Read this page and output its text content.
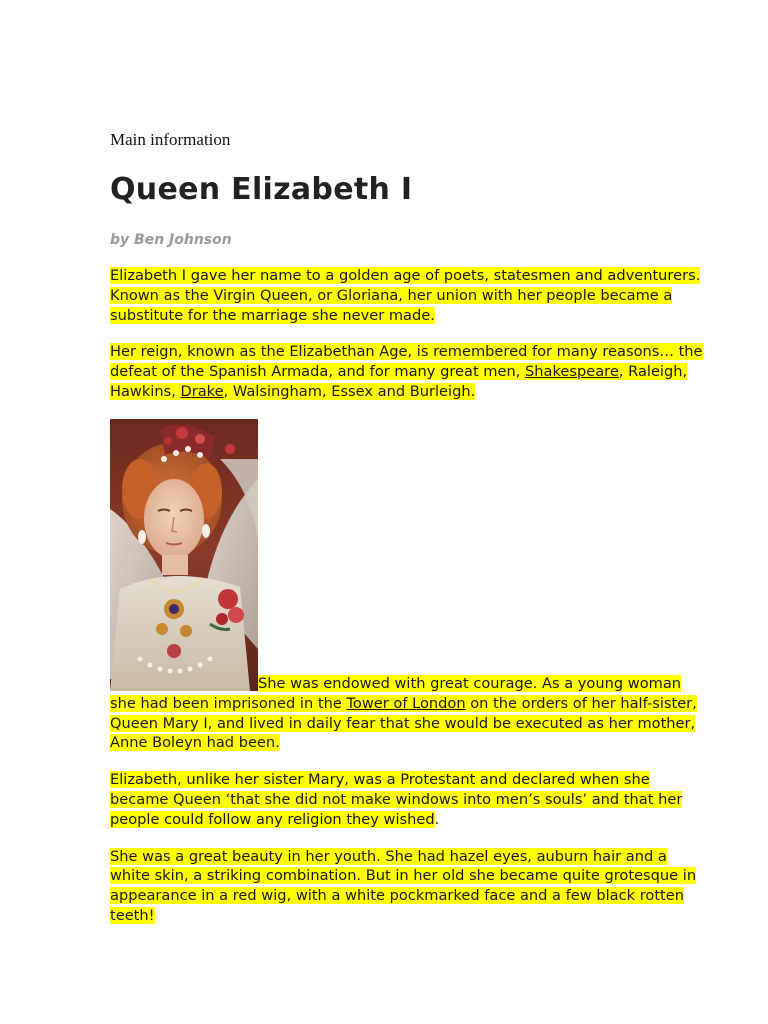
Main information

Queen Elizabeth I

by Ben Johnson

Elizabeth I gave her name to a golden age of poets, statesmen and adventurers. Known as the Virgin Queen, or Gloriana, her union with her people became a substitute for the marriage she never made.

Her reign, known as the Elizabethan Age, is remembered for many reasons… the defeat of the Spanish Armada, and for many great men, Shakespeare, Raleigh, Hawkins, Drake, Walsingham, Essex and Burleigh.

She was endowed with great courage. As a young woman she had been imprisoned in the Tower of London on the orders of her half-sister, Queen Mary I, and lived in daily fear that she would be executed as her mother, Anne Boleyn had been.

Elizabeth, unlike her sister Mary, was a Protestant and declared when she became Queen ‘that she did not make windows into men’s souls’ and that her people could follow any religion they wished.

She was a great beauty in her youth. She had hazel eyes, auburn hair and a white skin, a striking combination. But in her old she became quite grotesque in appearance in a red wig, with a white pockmarked face and a few black rotten teeth!
